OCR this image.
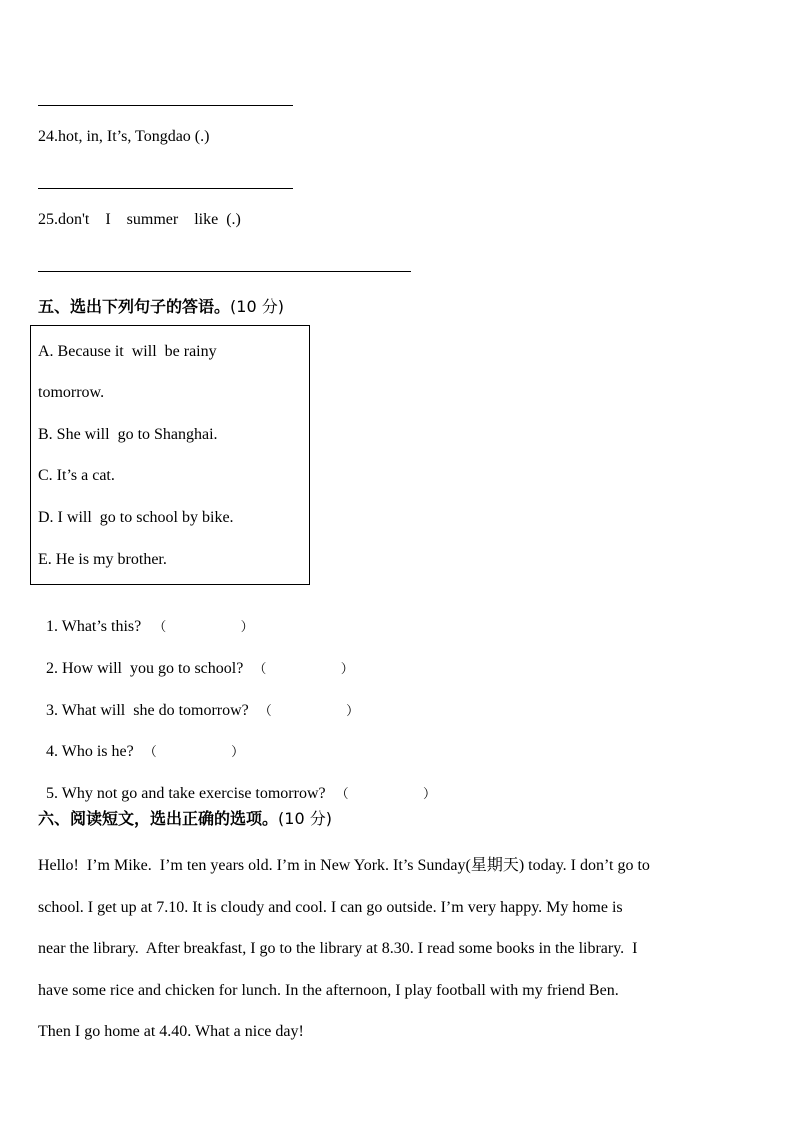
24.hot, in, It’s, Tongdao (.)
25.don't    I    summer    like  (.)
五、选出下列句子的答语。(10 分)
A. Because it  will  be rainy
tomorrow.
B. She will  go to Shanghai.
C. It’s a cat.
D. I will  go to school by bike.
E. He is my brother.

1. What’s this? （                  ）

2. How will  you go to school? （                  ）

3. What will  she do tomorrow? （                  ）

4. Who is he? （                  ）

5. Why not go and take exercise tomorrow? （                  ）

六、阅读短文，选出正确的选项。(10 分)
Hello!  I’m Mike.  I’m ten years old. I’m in New York. It’s Sunday(星期天) today. I don’t go to
school. I get up at 7.10. It is cloudy and cool. I can go outside. I’m very happy. My home is
near the library.  After breakfast, I go to the library at 8.30. I read some books in the library.  I
have some rice and chicken for lunch. In the afternoon, I play football with my friend Ben.
Then I go home at 4.40. What a nice day!
